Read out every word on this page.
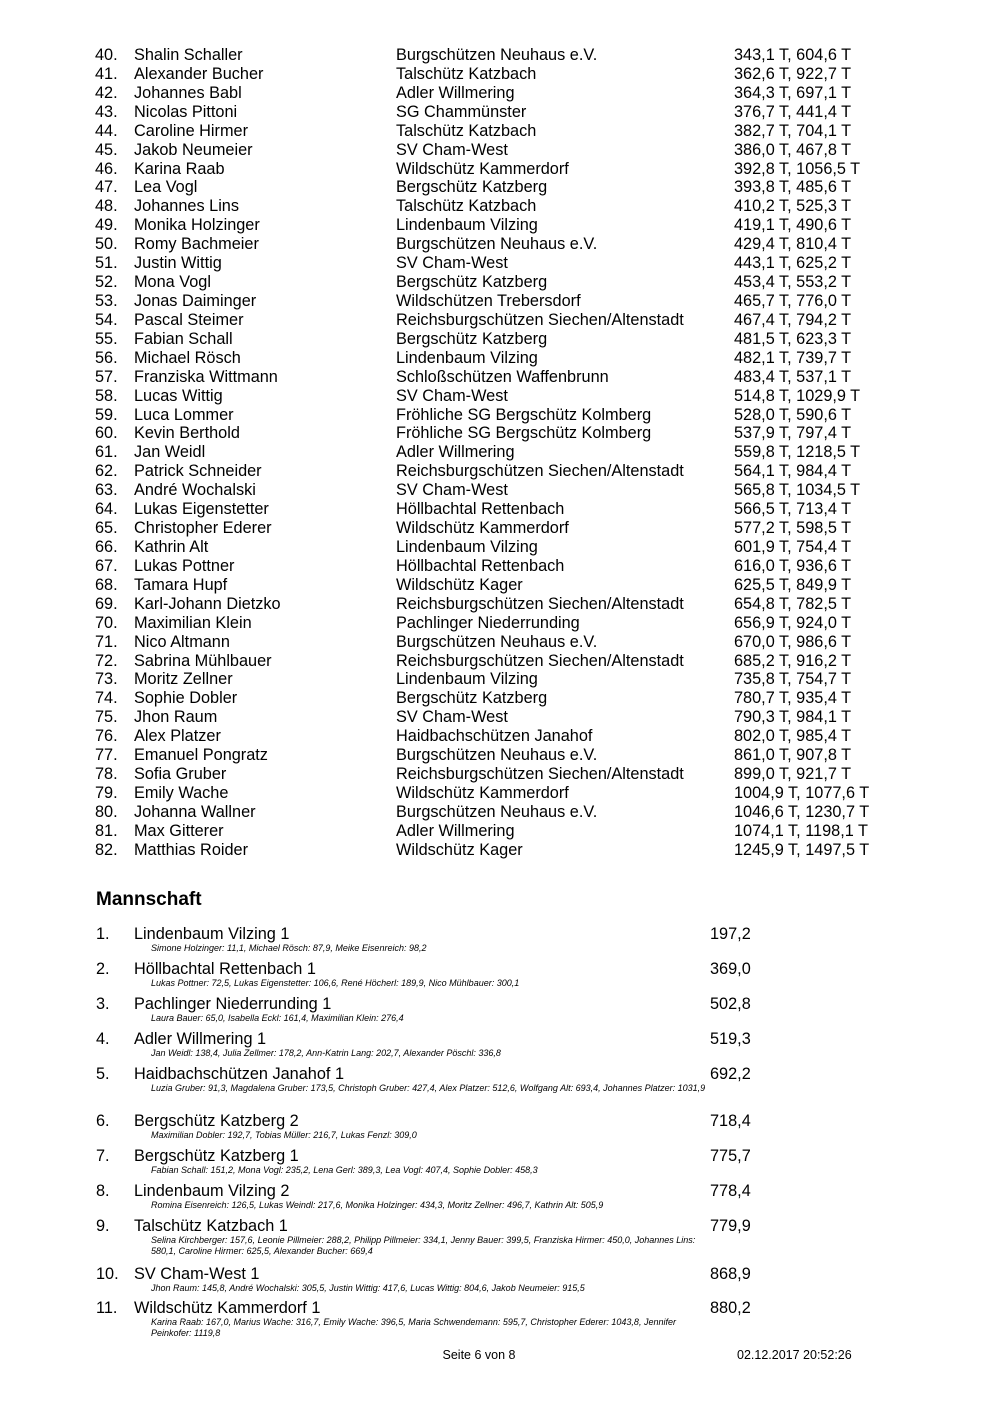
40. Shalin Schaller	Burgschützen Neuhaus e.V.	343,1 T, 604,6 T
41. Alexander Bucher	Talschütz Katzbach	362,6 T, 922,7 T
42. Johannes Babl	Adler Willmering	364,3 T, 697,1 T
43. Nicolas Pittoni	SG Chammünster	376,7 T, 441,4 T
44. Caroline Hirmer	Talschütz Katzbach	382,7 T, 704,1 T
45. Jakob Neumeier	SV Cham-West	386,0 T, 467,8 T
46. Karina Raab	Wildschütz Kammerdorf	392,8 T, 1056,5 T
47. Lea Vogl	Bergschütz Katzberg	393,8 T, 485,6 T
48. Johannes Lins	Talschütz Katzbach	410,2 T, 525,3 T
49. Monika Holzinger	Lindenbaum Vilzing	419,1 T, 490,6 T
50. Romy Bachmeier	Burgschützen Neuhaus e.V.	429,4 T, 810,4 T
51. Justin Wittig	SV Cham-West	443,1 T, 625,2 T
52. Mona Vogl	Bergschütz Katzberg	453,4 T, 553,2 T
53. Jonas Daiminger	Wildschützen Trebersdorf	465,7 T, 776,0 T
54. Pascal Steimer	Reichsburgschützen Siechen/Altenstadt	467,4 T, 794,2 T
55. Fabian Schall	Bergschütz Katzberg	481,5 T, 623,3 T
56. Michael Rösch	Lindenbaum Vilzing	482,1 T, 739,7 T
57. Franziska Wittmann	Schloßschützen Waffenbrunn	483,4 T, 537,1 T
58. Lucas Wittig	SV Cham-West	514,8 T, 1029,9 T
59. Luca Lommer	Fröhliche SG Bergschütz Kolmberg	528,0 T, 590,6 T
60. Kevin Berthold	Fröhliche SG Bergschütz Kolmberg	537,9 T, 797,4 T
61. Jan Weidl	Adler Willmering	559,8 T, 1218,5 T
62. Patrick Schneider	Reichsburgschützen Siechen/Altenstadt	564,1 T, 984,4 T
63. André Wochalski	SV Cham-West	565,8 T, 1034,5 T
64. Lukas Eigenstetter	Höllbachtal Rettenbach	566,5 T, 713,4 T
65. Christopher Ederer	Wildschütz Kammerdorf	577,2 T, 598,5 T
66. Kathrin Alt	Lindenbaum Vilzing	601,9 T, 754,4 T
67. Lukas Pottner	Höllbachtal Rettenbach	616,0 T, 936,6 T
68. Tamara Hupf	Wildschütz Kager	625,5 T, 849,9 T
69. Karl-Johann Dietzko	Reichsburgschützen Siechen/Altenstadt	654,8 T, 782,5 T
70. Maximilian Klein	Pachlinger Niederrunding	656,9 T, 924,0 T
71. Nico Altmann	Burgschützen Neuhaus e.V.	670,0 T, 986,6 T
72. Sabrina Mühlbauer	Reichsburgschützen Siechen/Altenstadt	685,2 T, 916,2 T
73. Moritz Zellner	Lindenbaum Vilzing	735,8 T, 754,7 T
74. Sophie Dobler	Bergschütz Katzberg	780,7 T, 935,4 T
75. Jhon Raum	SV Cham-West	790,3 T, 984,1 T
76. Alex Platzer	Haidbachschützen Janahof	802,0 T, 985,4 T
77. Emanuel Pongratz	Burgschützen Neuhaus e.V.	861,0 T, 907,8 T
78. Sofia Gruber	Reichsburgschützen Siechen/Altenstadt	899,0 T, 921,7 T
79. Emily Wache	Wildschütz Kammerdorf	1004,9 T, 1077,6 T
80. Johanna Wallner	Burgschützen Neuhaus e.V.	1046,6 T, 1230,7 T
81. Max Gitterer	Adler Willmering	1074,1 T, 1198,1 T
82. Matthias Roider	Wildschütz Kager	1245,9 T, 1497,5 T
Mannschaft
1. Lindenbaum Vilzing 1	197,2
Simone Holzinger: 11,1, Michael Rösch: 87,9, Meike Eisenreich: 98,2
2. Höllbachtal Rettenbach 1	369,0
Lukas Pottner: 72,5, Lukas Eigenstetter: 106,6, René Höcherl: 189,9, Nico Mühlbauer: 300,1
3. Pachlinger Niederrunding 1	502,8
Laura Bauer: 65,0, Isabella Eckl: 161,4, Maximilian Klein: 276,4
4. Adler Willmering 1	519,3
Jan Weidl: 138,4, Julia Zellmer: 178,2, Ann-Katrin Lang: 202,7, Alexander Pöschl: 336,8
5. Haidbachschützen Janahof 1	692,2
Luzia Gruber: 91,3, Magdalena Gruber: 173,5, Christoph Gruber: 427,4, Alex Platzer: 512,6, Wolfgang Alt: 693,4, Johannes Platzer: 1031,9
6. Bergschütz Katzberg 2	718,4
Maximilian Dobler: 192,7, Tobias Müller: 216,7, Lukas Fenzl: 309,0
7. Bergschütz Katzberg 1	775,7
Fabian Schall: 151,2, Mona Vogl: 235,2, Lena Gerl: 389,3, Lea Vogl: 407,4, Sophie Dobler: 458,3
8. Lindenbaum Vilzing 2	778,4
Romina Eisenreich: 126,5, Lukas Weindl: 217,6, Monika Holzinger: 434,3, Moritz Zellner: 496,7, Kathrin Alt: 505,9
9. Talschütz Katzbach 1	779,9
Selina Kirchberger: 157,6, Leonie Pillmeier: 288,2, Philipp Pillmeier: 334,1, Jenny Bauer: 399,5, Franziska Hirmer: 450,0, Johannes Lins: 580,1, Caroline Hirmer: 625,5, Alexander Bucher: 669,4
10. SV Cham-West 1	868,9
Jhon Raum: 145,8, André Wochalski: 305,5, Justin Wittig: 417,6, Lucas Wittig: 804,6, Jakob Neumeier: 915,5
11. Wildschütz Kammerdorf 1	880,2
Karina Raab: 167,0, Marius Wache: 316,7, Emily Wache: 396,5, Maria Schwendemann: 595,7, Christopher Ederer: 1043,8, Jennifer Peinkofer: 1119,8
Seite 6 von 8	02.12.2017 20:52:26
